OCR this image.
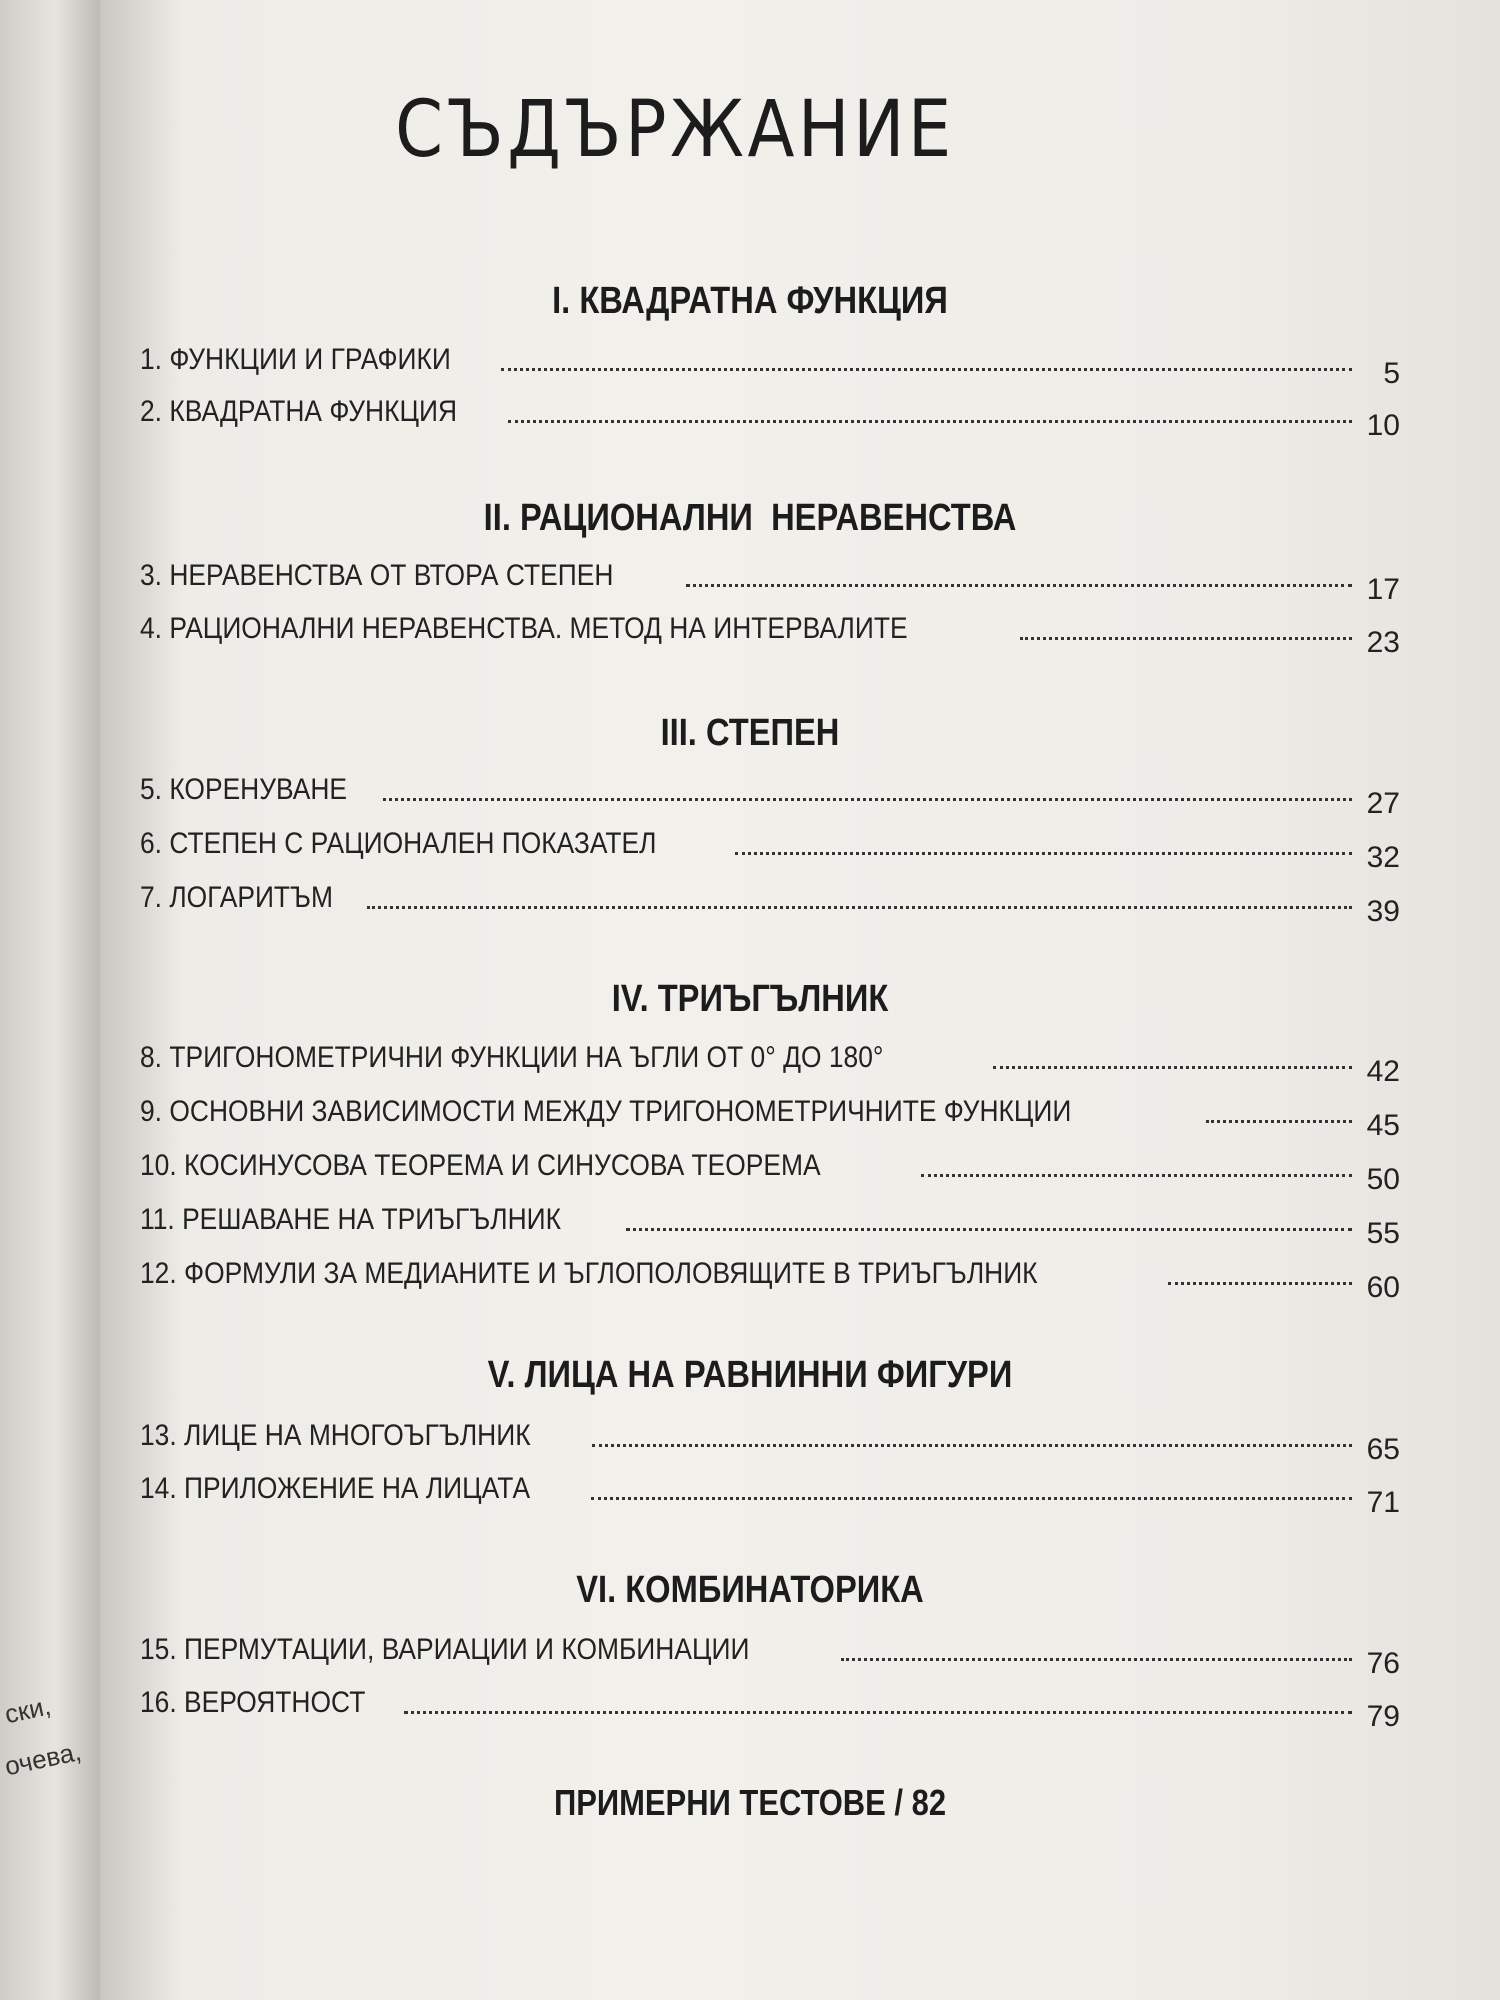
ски,
очева,
СЪДЪРЖАНИЕ
I. КВАДРАТНА ФУНКЦИЯ
1. ФУНКЦИИ И ГРАФИКИ	5
2. КВАДРАТНА ФУНКЦИЯ	10
II. РАЦИОНАЛНИ  НЕРАВЕНСТВА
3. НЕРАВЕНСТВА ОТ ВТОРА СТЕПЕН	17
4. РАЦИОНАЛНИ НЕРАВЕНСТВА. МЕТОД НА ИНТЕРВАЛИТЕ	23
III. СТЕПЕН
5. КОРЕНУВАНЕ	27
6. СТЕПЕН С РАЦИОНАЛЕН ПОКАЗАТЕЛ	32
7. ЛОГАРИТЪМ	39
IV. ТРИЪГЪЛНИК
8. ТРИГОНОМЕТРИЧНИ ФУНКЦИИ НА ЪГЛИ ОТ 0° ДО 180°	42
9. ОСНОВНИ ЗАВИСИМОСТИ МЕЖДУ ТРИГОНОМЕТРИЧНИТЕ ФУНКЦИИ	45
10. КОСИНУСОВА ТЕОРЕМА И СИНУСОВА ТЕОРЕМА	50
11. РЕШАВАНЕ НА ТРИЪГЪЛНИК	55
12. ФОРМУЛИ ЗА МЕДИАНИТЕ И ЪГЛОПОЛОВЯЩИТЕ В ТРИЪГЪЛНИК	60
V. ЛИЦА НА РАВНИННИ ФИГУРИ
13. ЛИЦЕ НА МНОГОЪГЪЛНИК	65
14. ПРИЛОЖЕНИЕ НА ЛИЦАТА	71
VI. КОМБИНАТОРИКА
15. ПЕРМУТАЦИИ, ВАРИАЦИИ И КОМБИНАЦИИ	76
16. ВЕРОЯТНОСТ	79
ПРИМЕРНИ ТЕСТОВЕ / 82
